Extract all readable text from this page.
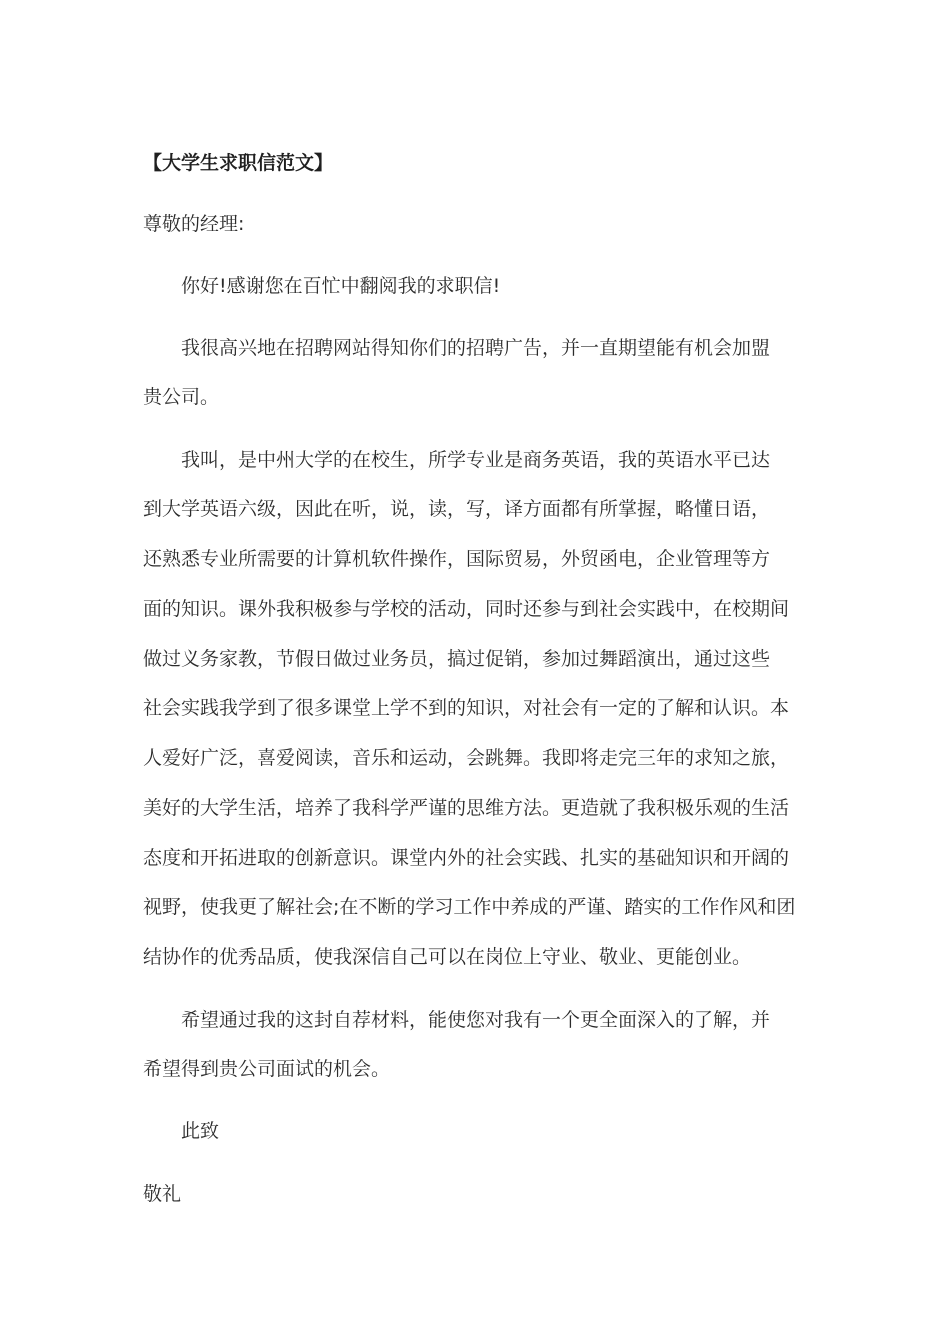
【大学生求职信范文】
尊敬的经理:
你好!感谢您在百忙中翻阅我的求职信!
我很高兴地在招聘网站得知你们的招聘广告，并一直期望能有机会加盟
贵公司。
我叫，是中州大学的在校生，所学专业是商务英语，我的英语水平已达
到大学英语六级，因此在听，说，读，写，译方面都有所掌握，略懂日语，
还熟悉专业所需要的计算机软件操作，国际贸易，外贸函电，企业管理等方
面的知识。课外我积极参与学校的活动，同时还参与到社会实践中，在校期间
做过义务家教，节假日做过业务员，搞过促销，参加过舞蹈演出，通过这些
社会实践我学到了很多课堂上学不到的知识，对社会有一定的了解和认识。本
人爱好广泛，喜爱阅读，音乐和运动，会跳舞。我即将走完三年的求知之旅，
美好的大学生活，培养了我科学严谨的思维方法。更造就了我积极乐观的生活
态度和开拓进取的创新意识。课堂内外的社会实践、扎实的基础知识和开阔的
视野，使我更了解社会;在不断的学习工作中养成的严谨、踏实的工作作风和团
结协作的优秀品质，使我深信自己可以在岗位上守业、敬业、更能创业。
希望通过我的这封自荐材料，能使您对我有一个更全面深入的了解，并
希望得到贵公司面试的机会。
此致
敬礼
